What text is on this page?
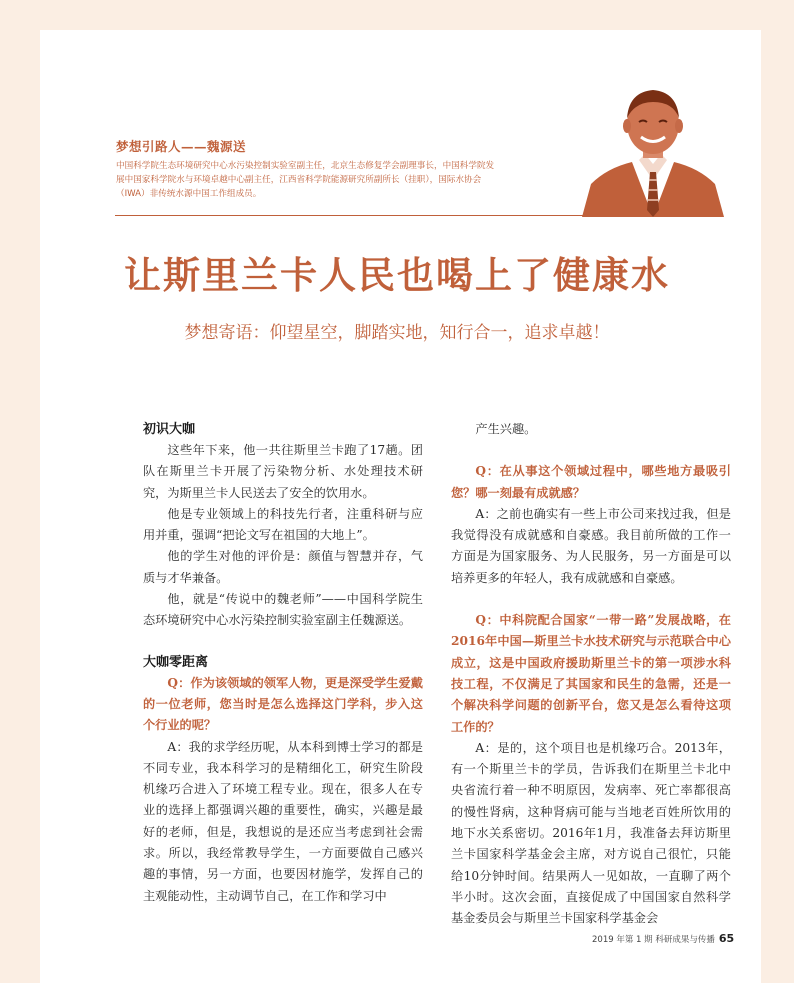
梦想引路人——魏源送
中国科学院生态环境研究中心水污染控制实验室副主任，北京生态修复学会副理事长，中国科学院发展中国家科学院水与环境卓越中心副主任，江西省科学院能源研究所副所长（挂职），国际水协会（IWA）非传统水源中国工作组成员。
让斯里兰卡人民也喝上了健康水
梦想寄语：仰望星空，脚踏实地，知行合一，追求卓越！
初识大咖

这些年下来，他一共往斯里兰卡跑了17趟。团队在斯里兰卡开展了污染物分析、水处理技术研究，为斯里兰卡人民送去了安全的饮用水。

他是专业领域上的科技先行者，注重科研与应用并重，强调“把论文写在祖国的大地上”。

他的学生对他的评价是：颜值与智慧并存，气质与才华兼备。

他，就是“传说中的魏老师”——中国科学院生态环境研究中心水污染控制实验室副主任魏源送。

大咖零距离

Q：作为该领域的领军人物，更是深受学生爱戴的一位老师，您当时是怎么选择这门学科，步入这个行业的呢？

A：我的求学经历呢，从本科到博士学习的都是不同专业，我本科学习的是精细化工，研究生阶段机缘巧合进入了环境工程专业。现在，很多人在专业的选择上都强调兴趣的重要性，确实，兴趣是最好的老师，但是，我想说的是还应当考虑到社会需求。所以，我经常教导学生，一方面要做自己感兴趣的事情，另一方面，也要因材施学，发挥自己的主观能动性，主动调节自己，在工作和学习中

产生兴趣。

Q：在从事这个领域过程中，哪些地方最吸引您？哪一刻最有成就感？

A：之前也确实有一些上市公司来找过我，但是我觉得没有成就感和自豪感。我目前所做的工作一方面是为国家服务、为人民服务，另一方面是可以培养更多的年轻人，我有成就感和自豪感。

Q：中科院配合国家“一带一路”发展战略，在2016年中国—斯里兰卡水技术研究与示范联合中心成立，这是中国政府援助斯里兰卡的第一项涉水科技工程，不仅满足了其国家和民生的急需，还是一个解决科学问题的创新平台，您又是怎么看待这项工作的？

A：是的，这个项目也是机缘巧合。2013年，有一个斯里兰卡的学员，告诉我们在斯里兰卡北中央省流行着一种不明原因，发病率、死亡率都很高的慢性肾病，这种肾病可能与当地老百姓所饮用的地下水关系密切。2016年1月，我准备去拜访斯里兰卡国家科学基金会主席，对方说自己很忙，只能给10分钟时间。结果两人一见如故，一直聊了两个半小时。这次会面，直接促成了中国国家自然科学基金委员会与斯里兰卡国家科学基金会

2019 年第 1 期 科研成果与传播 65
